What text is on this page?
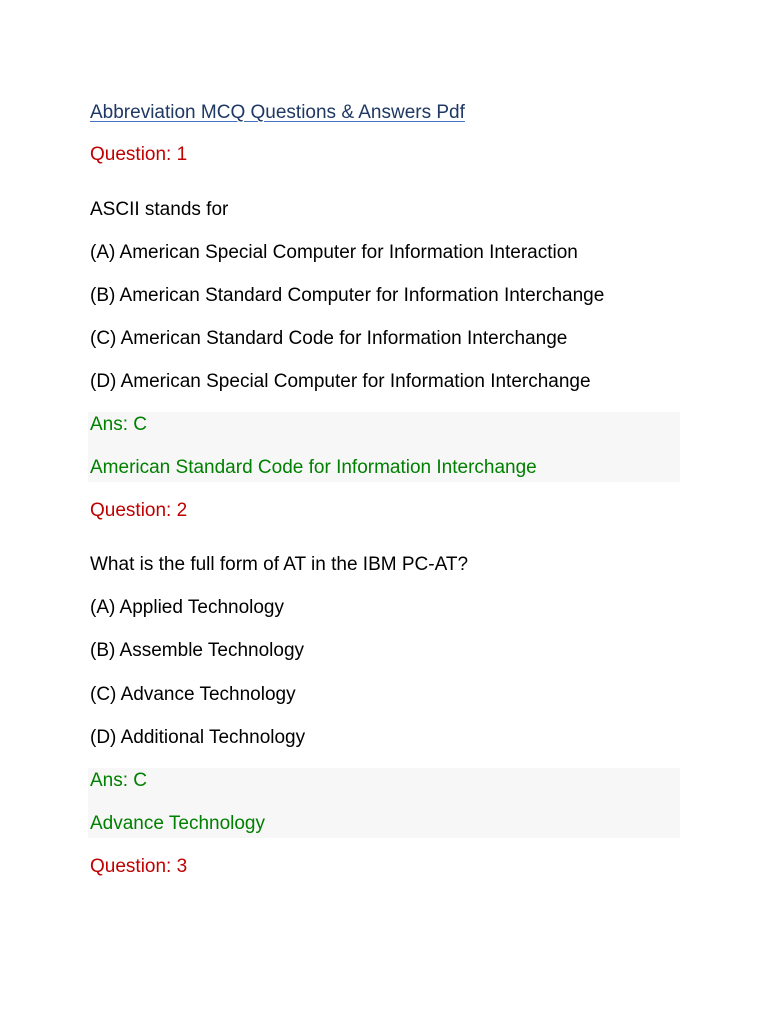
Abbreviation MCQ Questions & Answers Pdf
Question: 1
ASCII stands for
(A) American Special Computer for Information Interaction
(B) American Standard Computer for Information Interchange
(C) American Standard Code for Information Interchange
(D) American Special Computer for Information Interchange
Ans: C
American Standard Code for Information Interchange
Question: 2
What is the full form of AT in the IBM PC-AT?
(A) Applied Technology
(B) Assemble Technology
(C) Advance Technology
(D) Additional Technology
Ans: C
Advance Technology
Question: 3
